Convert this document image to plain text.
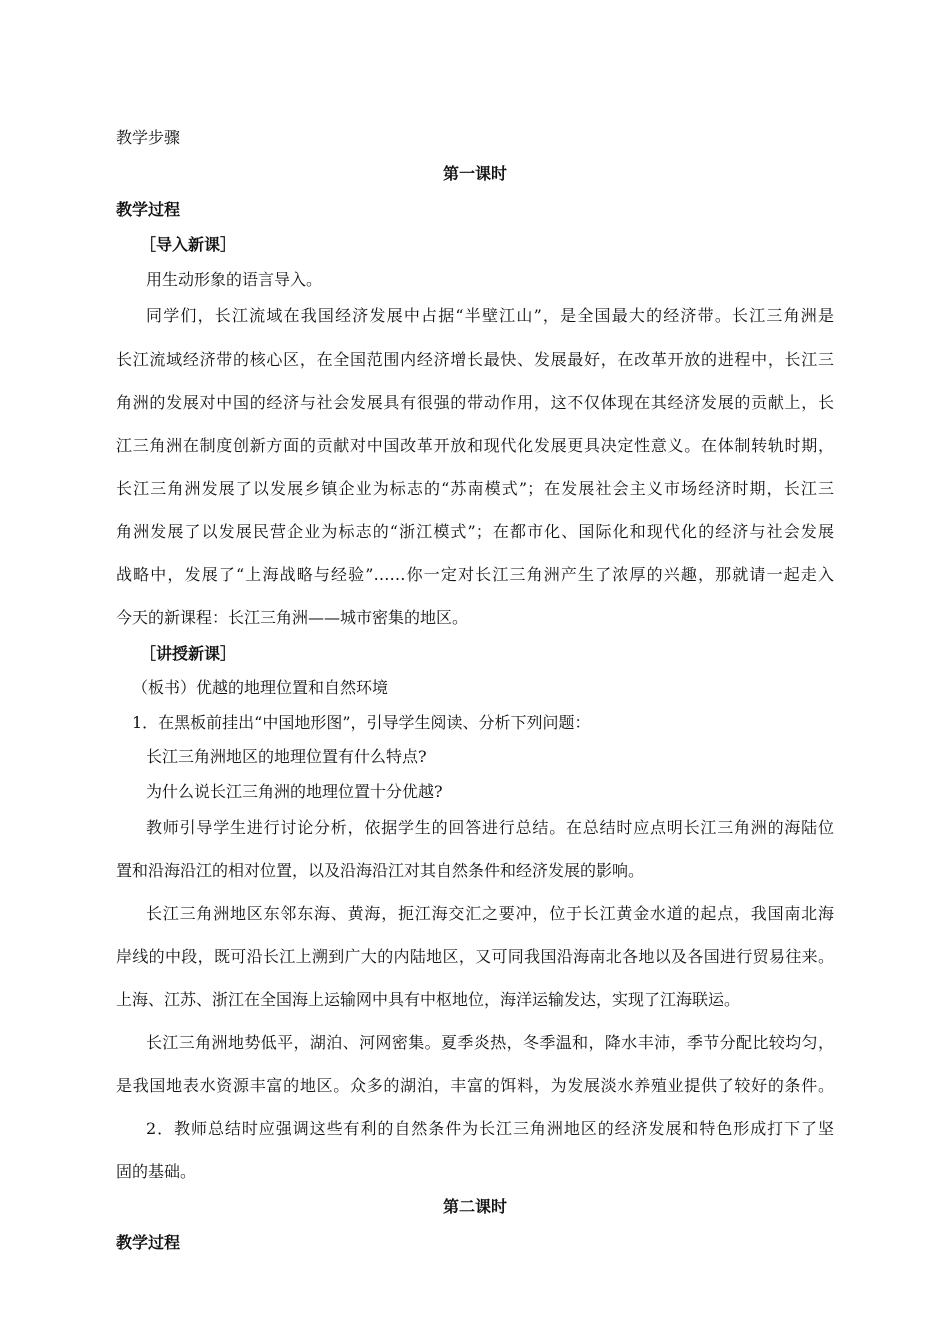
教学步骤
第一课时
教学过程
［导入新课］
用生动形象的语言导入。
同学们，长江流域在我国经济发展中占据“半壁江山”，是全国最大的经济带。长江三角洲是
长江流域经济带的核心区，在全国范围内经济增长最快、发展最好，在改革开放的进程中，长江三
角洲的发展对中国的经济与社会发展具有很强的带动作用，这不仅体现在其经济发展的贡献上，长
江三角洲在制度创新方面的贡献对中国改革开放和现代化发展更具决定性意义。在体制转轨时期，
长江三角洲发展了以发展乡镇企业为标志的“苏南模式”；在发展社会主义市场经济时期，长江三
角洲发展了以发展民营企业为标志的“浙江模式”；在都市化、国际化和现代化的经济与社会发展
战略中，发展了“上海战略与经验”……你一定对长江三角洲产生了浓厚的兴趣，那就请一起走入
今天的新课程：长江三角洲——城市密集的地区。
［讲授新课］
（板书）优越的地理位置和自然环境
1．在黑板前挂出“中国地形图”，引导学生阅读、分析下列问题：
长江三角洲地区的地理位置有什么特点?
为什么说长江三角洲的地理位置十分优越?
教师引导学生进行讨论分析，依据学生的回答进行总结。在总结时应点明长江三角洲的海陆位
置和沿海沿江的相对位置，以及沿海沿江对其自然条件和经济发展的影响。
长江三角洲地区东邻东海、黄海，扼江海交汇之要冲，位于长江黄金水道的起点，我国南北海
岸线的中段，既可沿长江上溯到广大的内陆地区，又可同我国沿海南北各地以及各国进行贸易往来。
上海、江苏、浙江在全国海上运输网中具有中枢地位，海洋运输发达，实现了江海联运。
长江三角洲地势低平，湖泊、河网密集。夏季炎热，冬季温和，降水丰沛，季节分配比较均匀，
是我国地表水资源丰富的地区。众多的湖泊，丰富的饵料，为发展淡水养殖业提供了较好的条件。
2．教师总结时应强调这些有利的自然条件为长江三角洲地区的经济发展和特色形成打下了坚
固的基础。
第二课时
教学过程
